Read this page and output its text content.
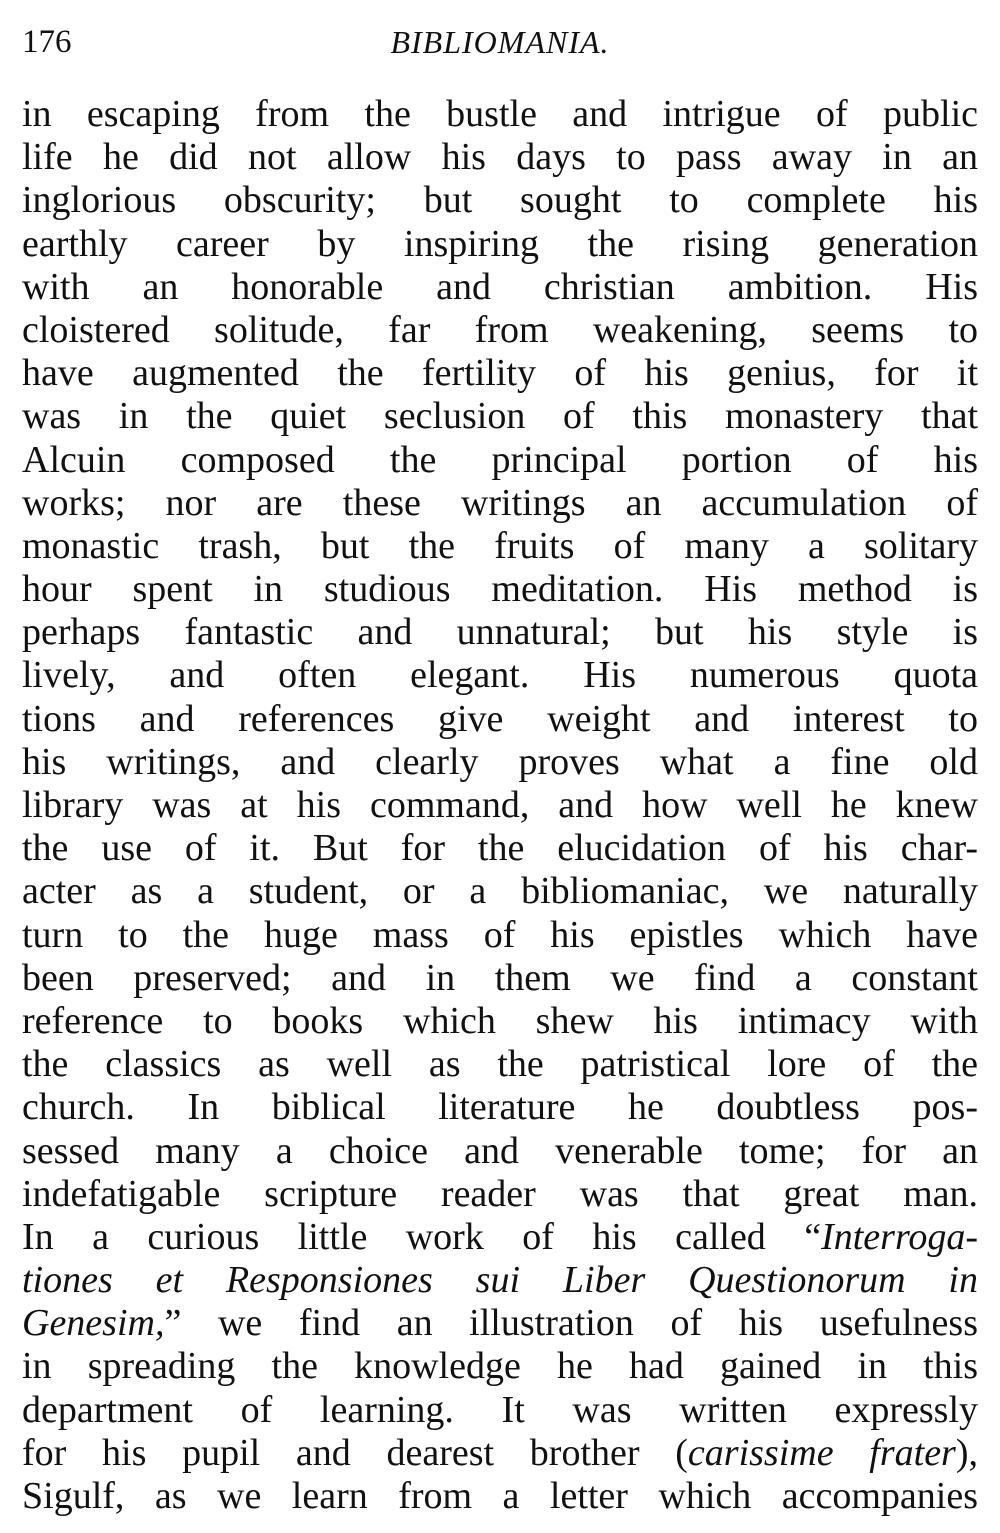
176	BIBLIOMANIA.
in escaping from the bustle and intrigue of public
life he did not allow his days to pass away in an
inglorious obscurity; but sought to complete his
earthly career by inspiring the rising generation
with an honorable and christian ambition. His
cloistered solitude, far from weakening, seems to
have augmented the fertility of his genius, for it
was in the quiet seclusion of this monastery that
Alcuin composed the principal portion of his
works; nor are these writings an accumulation of
monastic trash, but the fruits of many a solitary
hour spent in studious meditation. His method is
perhaps fantastic and unnatural; but his style is
lively, and often elegant. His numerous quota
tions and references give weight and interest to
his writings, and clearly proves what a fine old
library was at his command, and how well he knew
the use of it. But for the elucidation of his char-
acter as a student, or a bibliomaniac, we naturally
turn to the huge mass of his epistles which have
been preserved; and in them we find a constant
reference to books which shew his intimacy with
the classics as well as the patristical lore of the
church. In biblical literature he doubtless pos-
sessed many a choice and venerable tome; for an
indefatigable scripture reader was that great man.
In a curious little work of his called “Interroga-
tiones et Responsiones sui Liber Questionorum in
Genesim,” we find an illustration of his usefulness
in spreading the knowledge he had gained in this
department of learning. It was written expressly
for his pupil and dearest brother (carissime frater),
Sigulf, as we learn from a letter which accompanies
